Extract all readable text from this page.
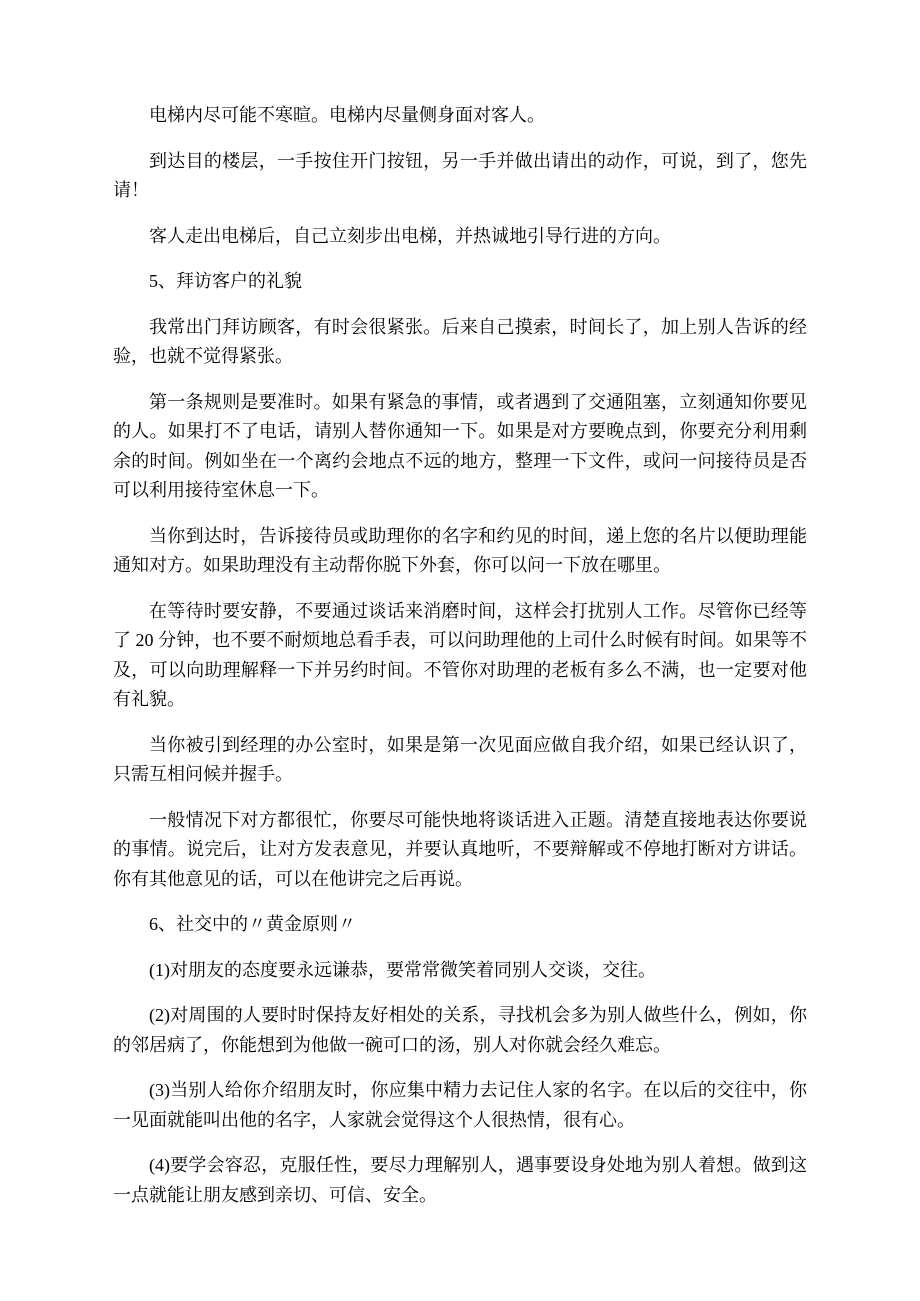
电梯内尽可能不寒暄。电梯内尽量侧身面对客人。

到达目的楼层，一手按住开门按钮，另一手并做出请出的动作，可说，到了，您先请！

客人走出电梯后，自己立刻步出电梯，并热诚地引导行进的方向。

5、拜访客户的礼貌

我常出门拜访顾客，有时会很紧张。后来自己摸索，时间长了，加上别人告诉的经验，也就不觉得紧张。

第一条规则是要准时。如果有紧急的事情，或者遇到了交通阻塞，立刻通知你要见的人。如果打不了电话，请别人替你通知一下。如果是对方要晚点到，你要充分利用剩余的时间。例如坐在一个离约会地点不远的地方，整理一下文件，或问一问接待员是否可以利用接待室休息一下。

当你到达时，告诉接待员或助理你的名字和约见的时间，递上您的名片以便助理能通知对方。如果助理没有主动帮你脱下外套，你可以问一下放在哪里。

在等待时要安静，不要通过谈话来消磨时间，这样会打扰别人工作。尽管你已经等了 20 分钟，也不要不耐烦地总看手表，可以问助理他的上司什么时候有时间。如果等不及，可以向助理解释一下并另约时间。不管你对助理的老板有多么不满，也一定要对他有礼貌。

当你被引到经理的办公室时，如果是第一次见面应做自我介绍，如果已经认识了，只需互相问候并握手。

一般情况下对方都很忙，你要尽可能快地将谈话进入正题。清楚直接地表达你要说的事情。说完后，让对方发表意见，并要认真地听，不要辩解或不停地打断对方讲话。你有其他意见的话，可以在他讲完之后再说。

6、社交中的〃黄金原则〃

(1)对朋友的态度要永远谦恭，要常常微笑着同别人交谈，交往。

(2)对周围的人要时时保持友好相处的关系，寻找机会多为别人做些什么，例如，你的邻居病了，你能想到为他做一碗可口的汤，别人对你就会经久难忘。

(3)当别人给你介绍朋友时，你应集中精力去记住人家的名字。在以后的交往中，你一见面就能叫出他的名字，人家就会觉得这个人很热情，很有心。

(4)要学会容忍，克服任性，要尽力理解别人，遇事要设身处地为别人着想。做到这一点就能让朋友感到亲切、可信、安全。
